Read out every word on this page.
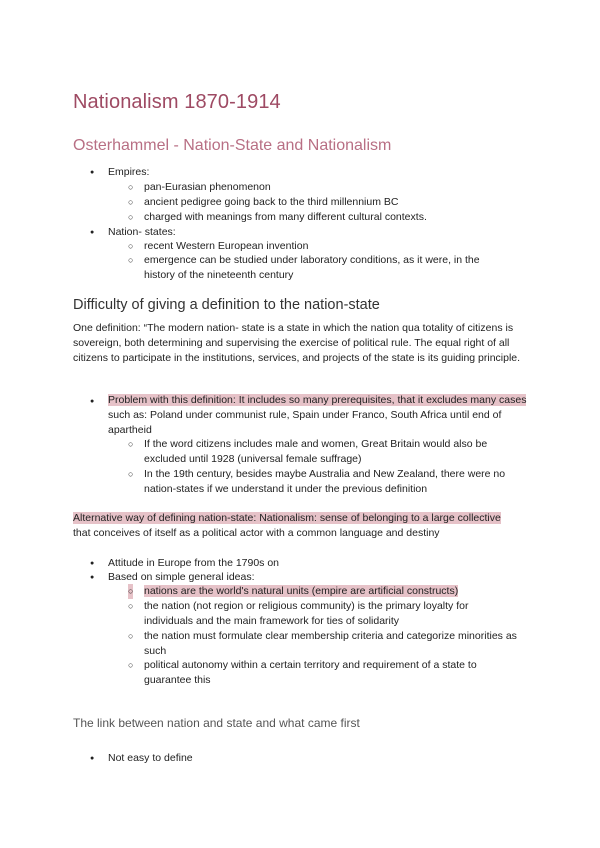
Nationalism 1870-1914
Osterhammel - Nation-State and Nationalism
Empires:
○ pan-Eurasian phenomenon
○ ancient pedigree going back to the third millennium BC
○ charged with meanings from many different cultural contexts.
Nation- states:
○ recent Western European invention
○ emergence can be studied under laboratory conditions, as it were, in the history of the nineteenth century
Difficulty of giving a definition to the nation-state
One definition: “The modern nation- state is a state in which the nation qua totality of citizens is sovereign, both determining and supervising the exercise of political rule. The equal right of all citizens to participate in the institutions, services, and projects of the state is its guiding principle.
● Problem with this definition: It includes so many prerequisites, that it excludes many cases such as: Poland under communist rule, Spain under Franco, South Africa until end of apartheid
○ If the word citizens includes male and women, Great Britain would also be excluded until 1928 (universal female suffrage)
○ In the 19th century, besides maybe Australia and New Zealand, there were no nation-states if we understand it under the previous definition
Alternative way of defining nation-state: Nationalism: sense of belonging to a large collective
that conceives of itself as a political actor with a common language and destiny
Attitude in Europe from the 1790s on
Based on simple general ideas:
○ nations are the world's natural units (empire are artificial constructs)
○ the nation (not region or religious community) is the primary loyalty for individuals and the main framework for ties of solidarity
○ the nation must formulate clear membership criteria and categorize minorities as such
○ political autonomy within a certain territory and requirement of a state to guarantee this
The link between nation and state and what came first
Not easy to define
